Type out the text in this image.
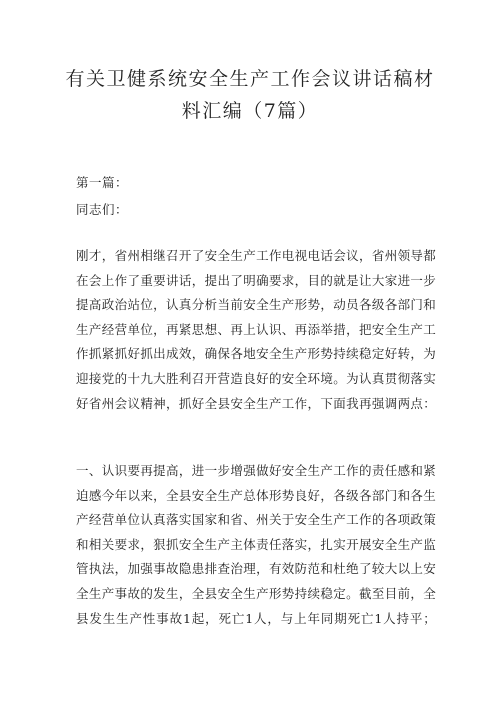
有关卫健系统安全生产工作会议讲话稿材
料汇编（7篇）
第一篇：
同志们：
刚才，省州相继召开了安全生产工作电视电话会议，省州领导都
在会上作了重要讲话，提出了明确要求，目的就是让大家进一步
提高政治站位，认真分析当前安全生产形势，动员各级各部门和
生产经营单位，再紧思想、再上认识、再添举措，把安全生产工
作抓紧抓好抓出成效，确保各地安全生产形势持续稳定好转，为
迎接党的十九大胜利召开营造良好的安全环境。为认真贯彻落实
好省州会议精神，抓好全县安全生产工作，下面我再强调两点：
一、认识要再提高，进一步增强做好安全生产工作的责任感和紧
迫感今年以来，全县安全生产总体形势良好，各级各部门和各生
产经营单位认真落实国家和省、州关于安全生产工作的各项政策
和相关要求，狠抓安全生产主体责任落实，扎实开展安全生产监
管执法，加强事故隐患排查治理，有效防范和杜绝了较大以上安
全生产事故的发生，全县安全生产形势持续稳定。截至目前，全
县发生生产性事故1起，死亡1人，与上年同期死亡1人持平；
